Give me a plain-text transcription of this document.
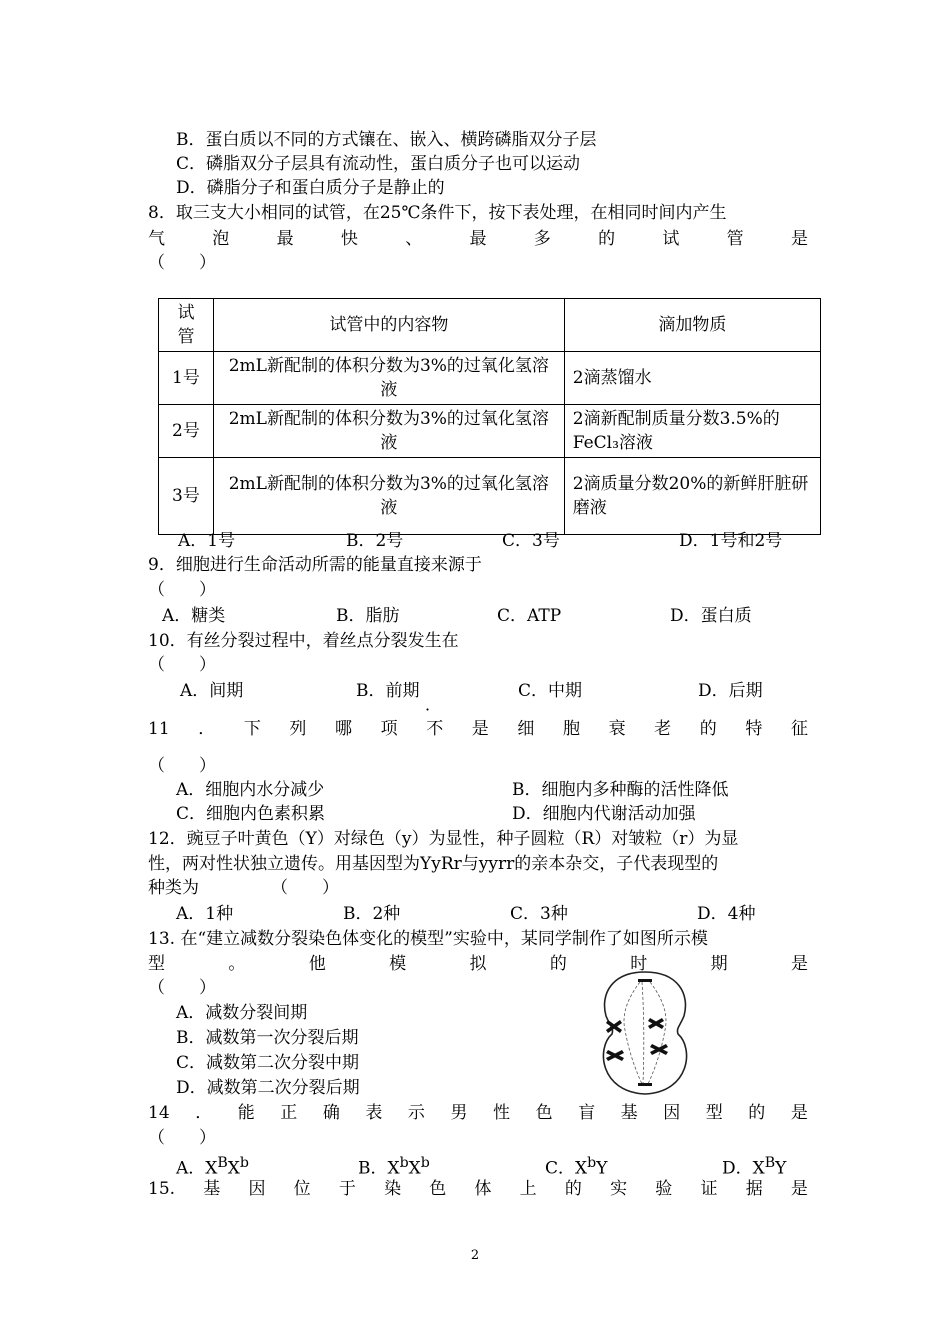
B．蛋白质以不同的方式镶在、嵌入、横跨磷脂双分子层
C．磷脂双分子层具有流动性，蛋白质分子也可以运动
D．磷脂分子和蛋白质分子是静止的
8．取三支大小相同的试管，在25℃条件下，按下表处理，在相同时间内产生
气	泡	最	快	、	最	多	的	试	管	是
（　　）
试管	试管中的内容物	滴加物质
1号	2mL新配制的体积分数为3%的过氧化氢溶液	2滴蒸馏水
2号	2mL新配制的体积分数为3%的过氧化氢溶液	2滴新配制质量分数3.5%的FeCl₃溶液
3号	2mL新配制的体积分数为3%的过氧化氢溶液	2滴质量分数20%的新鲜肝脏研磨液
A．1号	B．2号	C．3号	D．1号和2号
9．细胞进行生命活动所需的能量直接来源于
（　　）
A．糖类	B．脂肪	C．ATP	D．蛋白质
10．有丝分裂过程中，着丝点分裂发生在
（　　）
A．间期	B．前期	C．中期	D．后期
·
11 ． 下 列 哪 项 不 是 细 胞 衰 老 的 特 征
（　　）
A．细胞内水分减少	B．细胞内多种酶的活性降低
C．细胞内色素积累	D．细胞内代谢活动加强
12．豌豆子叶黄色（Y）对绿色（y）为显性，种子圆粒（R）对皱粒（r）为显
性，两对性状独立遗传。用基因型为YyRr与yyrr的亲本杂交，子代表现型的
种类为	（　　）
A．1种	B．2种	C．3种	D．4种
13. 在“建立减数分裂染色体变化的模型”实验中，某同学制作了如图所示模
型	。	他	模	拟	的	时	期	是
（　　）
A．减数分裂间期
B．减数第一次分裂后期
C．减数第二次分裂中期
D．减数第二次分裂后期
14 ． 能 正 确 表 示 男 性 色 盲 基 因 型 的 是
（　　）
A．$X^BX^b$	B．$X^bX^b$	C．$X^bY$	D．$X^BY$
15. 基 因 位 于 染 色 体 上 的 实 验 证 据 是
2
